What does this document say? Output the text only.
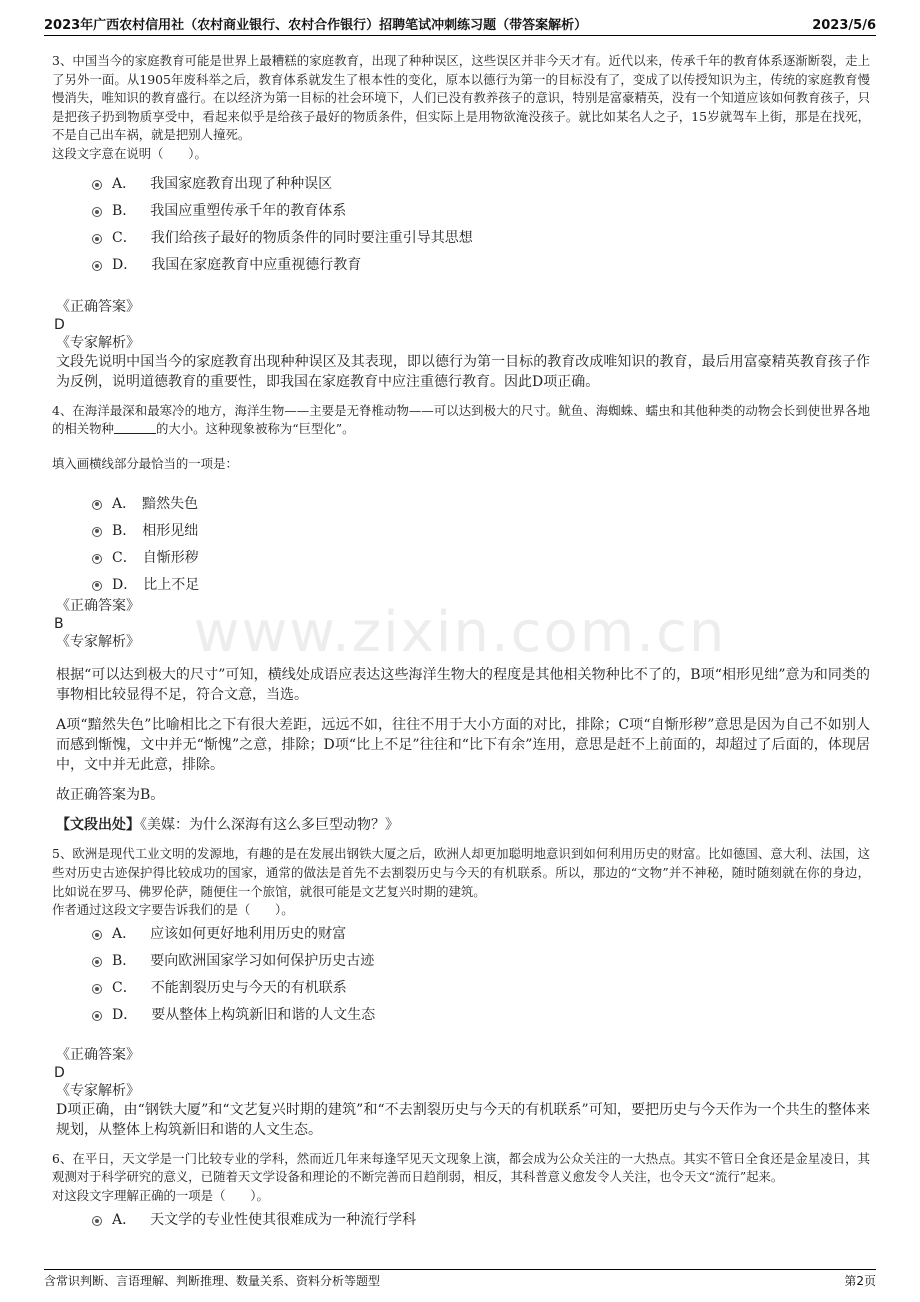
2023年广西农村信用社（农村商业银行、农村合作银行）招聘笔试冲刺练习题（带答案解析）	2023/5/6
www.zixin.com.cn

3、中国当今的家庭教育可能是世界上最糟糕的家庭教育，出现了种种误区，这些误区并非今天才有。近代以来，传承千年的教育体系逐渐断裂，走上了另外一面。从1905年废科举之后，教育体系就发生了根本性的变化，原本以德行为第一的目标没有了，变成了以传授知识为主，传统的家庭教育慢慢消失，唯知识的教育盛行。在以经济为第一目标的社会环境下，人们已没有教养孩子的意识，特别是富豪精英，没有一个知道应该如何教育孩子，只是把孩子扔到物质享受中，看起来似乎是给孩子最好的物质条件，但实际上是用物欲淹没孩子。就比如某名人之子，15岁就驾车上街，那是在找死，不是自己出车祸，就是把别人撞死。

这段文字意在说明（　　）。

A． 我国家庭教育出现了种种误区
B． 我国应重塑传承千年的教育体系
C． 我们给孩子最好的物质条件的同时要注重引导其思想
D． 我国在家庭教育中应重视德行教育

《正确答案》

D

《专家解析》

文段先说明中国当今的家庭教育出现种种误区及其表现，即以德行为第一目标的教育改成唯知识的教育，最后用富豪精英教育孩子作为反例，说明道德教育的重要性，即我国在家庭教育中应注重德行教育。因此D项正确。

4、在海洋最深和最寒冷的地方，海洋生物——主要是无脊椎动物——可以达到极大的尺寸。鱿鱼、海蜘蛛、蠕虫和其他种类的动物会长到使世界各地的相关物种	的大小。这种现象被称为“巨型化”。

填入画横线部分最恰当的一项是：

A． 黯然失色
B． 相形见绌
C． 自惭形秽
D． 比上不足

《正确答案》

B

《专家解析》

根据“可以达到极大的尺寸”可知，横线处成语应表达这些海洋生物大的程度是其他相关物种比不了的，B项“相形见绌”意为和同类的事物相比较显得不足，符合文意，当选。

A项“黯然失色”比喻相比之下有很大差距，远远不如，往往不用于大小方面的对比，排除；C项“自惭形秽”意思是因为自己不如别人而感到惭愧，文中并无“惭愧”之意，排除；D项“比上不足”往往和“比下有余”连用，意思是赶不上前面的，却超过了后面的，体现居中，文中并无此意，排除。

故正确答案为B。

【文段出处】《美媒：为什么深海有这么多巨型动物？》

5、欧洲是现代工业文明的发源地，有趣的是在发展出钢铁大厦之后，欧洲人却更加聪明地意识到如何利用历史的财富。比如德国、意大利、法国，这些对历史古迹保护得比较成功的国家，通常的做法是首先不去割裂历史与今天的有机联系。所以，那边的“文物”并不神秘，随时随刻就在你的身边，比如说在罗马、佛罗伦萨，随便住一个旅馆，就很可能是文艺复兴时期的建筑。

作者通过这段文字要告诉我们的是（　　）。

A． 应该如何更好地利用历史的财富
B． 要向欧洲国家学习如何保护历史古迹
C． 不能割裂历史与今天的有机联系
D． 要从整体上构筑新旧和谐的人文生态

《正确答案》

D

《专家解析》

D项正确，由“钢铁大厦”和“文艺复兴时期的建筑”和“不去割裂历史与今天的有机联系”可知，要把历史与今天作为一个共生的整体来规划，从整体上构筑新旧和谐的人文生态。

6、在平日，天文学是一门比较专业的学科，然而近几年来每逢罕见天文现象上演，都会成为公众关注的一大热点。其实不管日全食还是金星凌日，其观测对于科学研究的意义，已随着天文学设备和理论的不断完善而日趋削弱，相反，其科普意义愈发令人关注，也令天文“流行”起来。

对这段文字理解正确的一项是（　　）。

A． 天文学的专业性使其很难成为一种流行学科
含常识判断、言语理解、判断推理、数量关系、资料分析等题型	第2页
